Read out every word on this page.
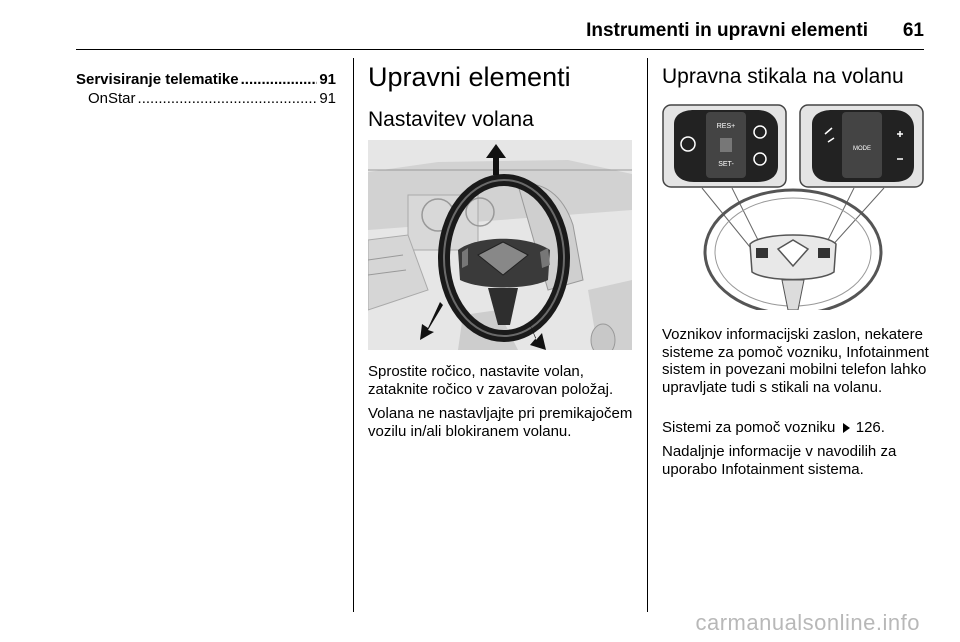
Instrumenti in upravni elementi 61
Servisiranje telematike .....	91
OnStar .....	91
Upravni elementi
Nastavitev volana
Sprostite ročico, nastavite volan, zataknite ročico v zavarovan položaj.
Volana ne nastavljajte pri premikajočem vozilu in/ali blokiranem volanu.
Upravna stikala na volanu
RES+
SET-
MODE
Voznikov informacijski zaslon, nekatere sisteme za pomoč vozniku, Infotainment sistem in povezani mobilni telefon lahko upravljate tudi s stikali na volanu.
Sistemi za pomoč vozniku 126.
Nadaljnje informacije v navodilih za uporabo Infotainment sistema.
carmanualsonline.info
